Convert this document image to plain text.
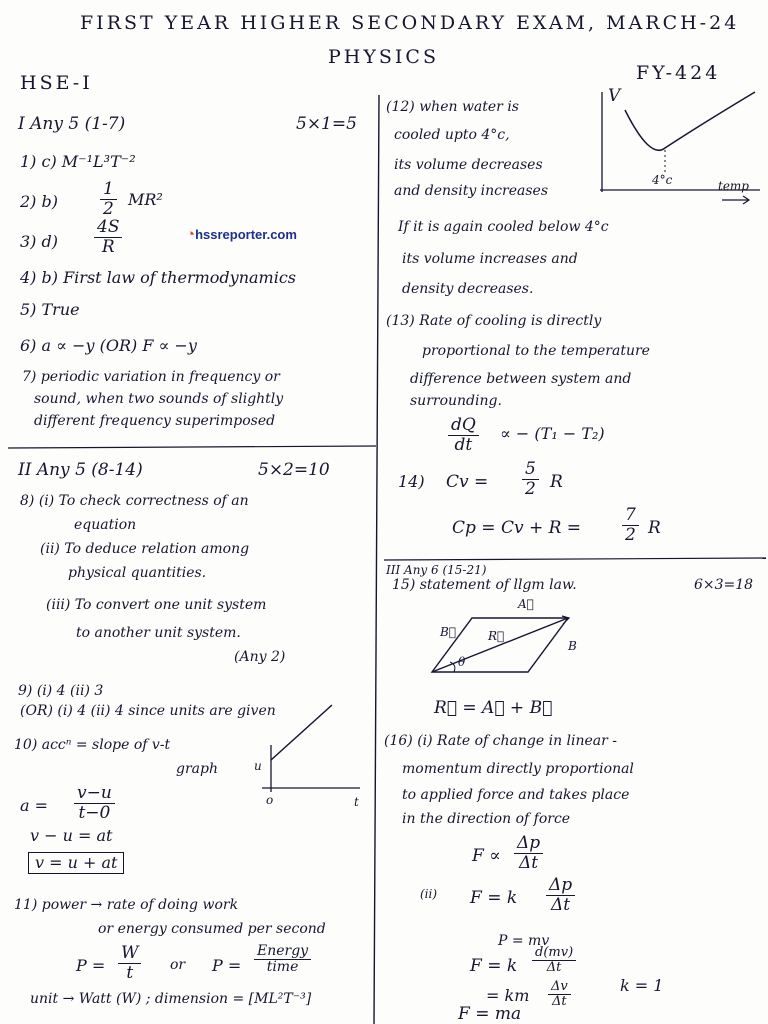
FIRST YEAR HIGHER SECONDARY EXAM, MARCH-24
PHYSICS
FY-424
HSE-I
◔hssreporter.com
I Any 5 (1-7)	5×1=5
1) c) M⁻¹L³T⁻²
2) $b) \frac{1}{2} MR^2$
3) $d) \frac{4S}{R}$
4) b) First law of thermodynamics
5) True
6) a ∝ −y (OR) F ∝ −y
7) periodic variation in frequency or
sound, when two sounds of slightly
different frequency superimposed
II Any 5 (8-14)	5×2=10
8) (i) To check correctness of an
equation
(ii) To deduce relation among
physical quantities.
(iii) To convert one unit system
to another unit system.
(Any 2)
9) (i) 4 (ii) 3
(OR) (i) 4 (ii) 4 since units are given
10) accⁿ = slope of v-t
graph	u
o	t
$a = \frac{v-u}{t-0}$
v − u = at
v = u + at
11) power → rate of doing work
or energy consumed per second
$P = \frac{W}{t}$ or P =
Energy
time
unit → Watt (W) ; dimension = [ML²T⁻³]
(12) when water is
cooled upto 4°c,
its volume decreases
and density increases
V
4°c	temp
If it is again cooled below 4°c
its volume increases and
density decreases.
(13) Rate of cooling is directly
proportional to the temperature
difference between system and
surrounding.
$\frac{dQ}{dt}$ ∝ − (T₁ − T₂)
14) $Cv = \frac{5}{2}$ R
$Cp = Cv + R = \frac{7}{2}$ R
III Any 6 (15-21)
15) statement of llgm law.	6×3=18
A⃗
B⃗	R⃗
B
θ
R⃗ = A⃗ + B⃗
(16) (i) Rate of change in linear -
momentum directly proportional
to applied force and takes place
in the direction of force
$F \propto \frac{\Delta p}{\Delta t}$
(ii) F = k $\frac{\Delta p}{\Delta t}$
P = mv
F = k $\frac{d(mv)}{\Delta t}$
= km $\frac{\Delta v}{\Delta t}$	k = 1
F = ma
